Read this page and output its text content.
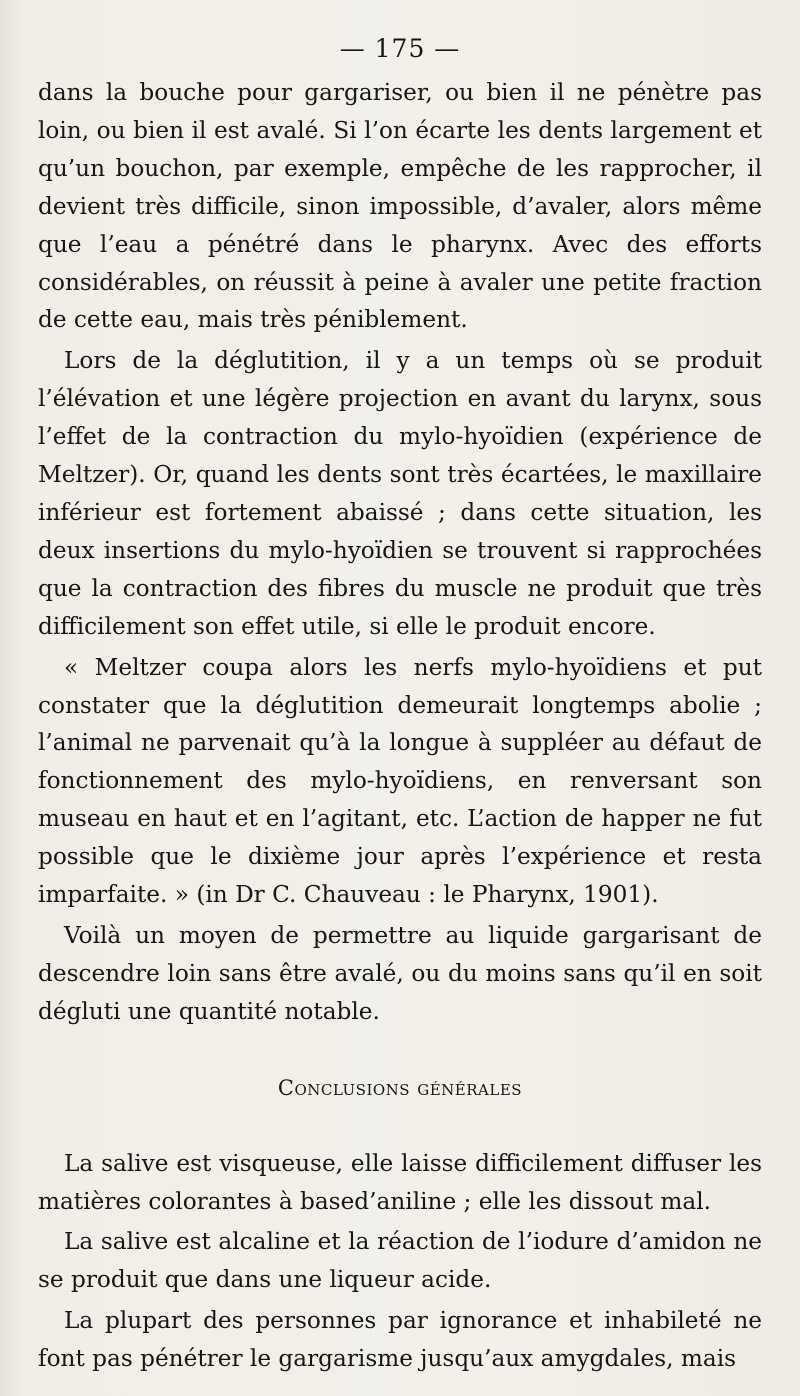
— 175 —

dans la bouche pour gargariser, ou bien il ne pénètre pas loin, ou bien il est avalé. Si l’on écarte les dents largement et qu’un bouchon, par exemple, empêche de les rapprocher, il devient très difficile, sinon impossible, d’avaler, alors même que l’eau a pénétré dans le pharynx. Avec des efforts considérables, on réussit à peine à avaler une petite fraction de cette eau, mais très péniblement.

Lors de la déglutition, il y a un temps où se produit l’élévation et une légère projection en avant du larynx, sous l’effet de la contraction du mylo-hyoïdien (expérience de Meltzer). Or, quand les dents sont très écartées, le maxillaire inférieur est fortement abaissé ; dans cette situation, les deux insertions du mylo-hyoïdien se trouvent si rapprochées que la contraction des fibres du muscle ne produit que très difficilement son effet utile, si elle le produit encore.

« Meltzer coupa alors les nerfs mylo-hyoïdiens et put constater que la déglutition demeurait longtemps abolie ; l’animal ne parvenait qu’à la longue à suppléer au défaut de fonctionnement des mylo-hyoïdiens, en renversant son museau en haut et en l’agitant, etc. L’action de happer ne fut possible que le dixième jour après l’expérience et resta imparfaite. » (in Dr C. Chauveau : le Pharynx, 1901).

Voilà un moyen de permettre au liquide gargarisant de descendre loin sans être avalé, ou du moins sans qu’il en soit dégluti une quantité notable.

Conclusions générales

La salive est visqueuse, elle laisse difficilement diffuser les matières colorantes à based’aniline ; elle les dissout mal.

La salive est alcaline et la réaction de l’iodure d’amidon ne se produit que dans une liqueur acide.

La plupart des personnes par ignorance et inhabileté ne font pas pénétrer le gargarisme jusqu’aux amygdales, mais
